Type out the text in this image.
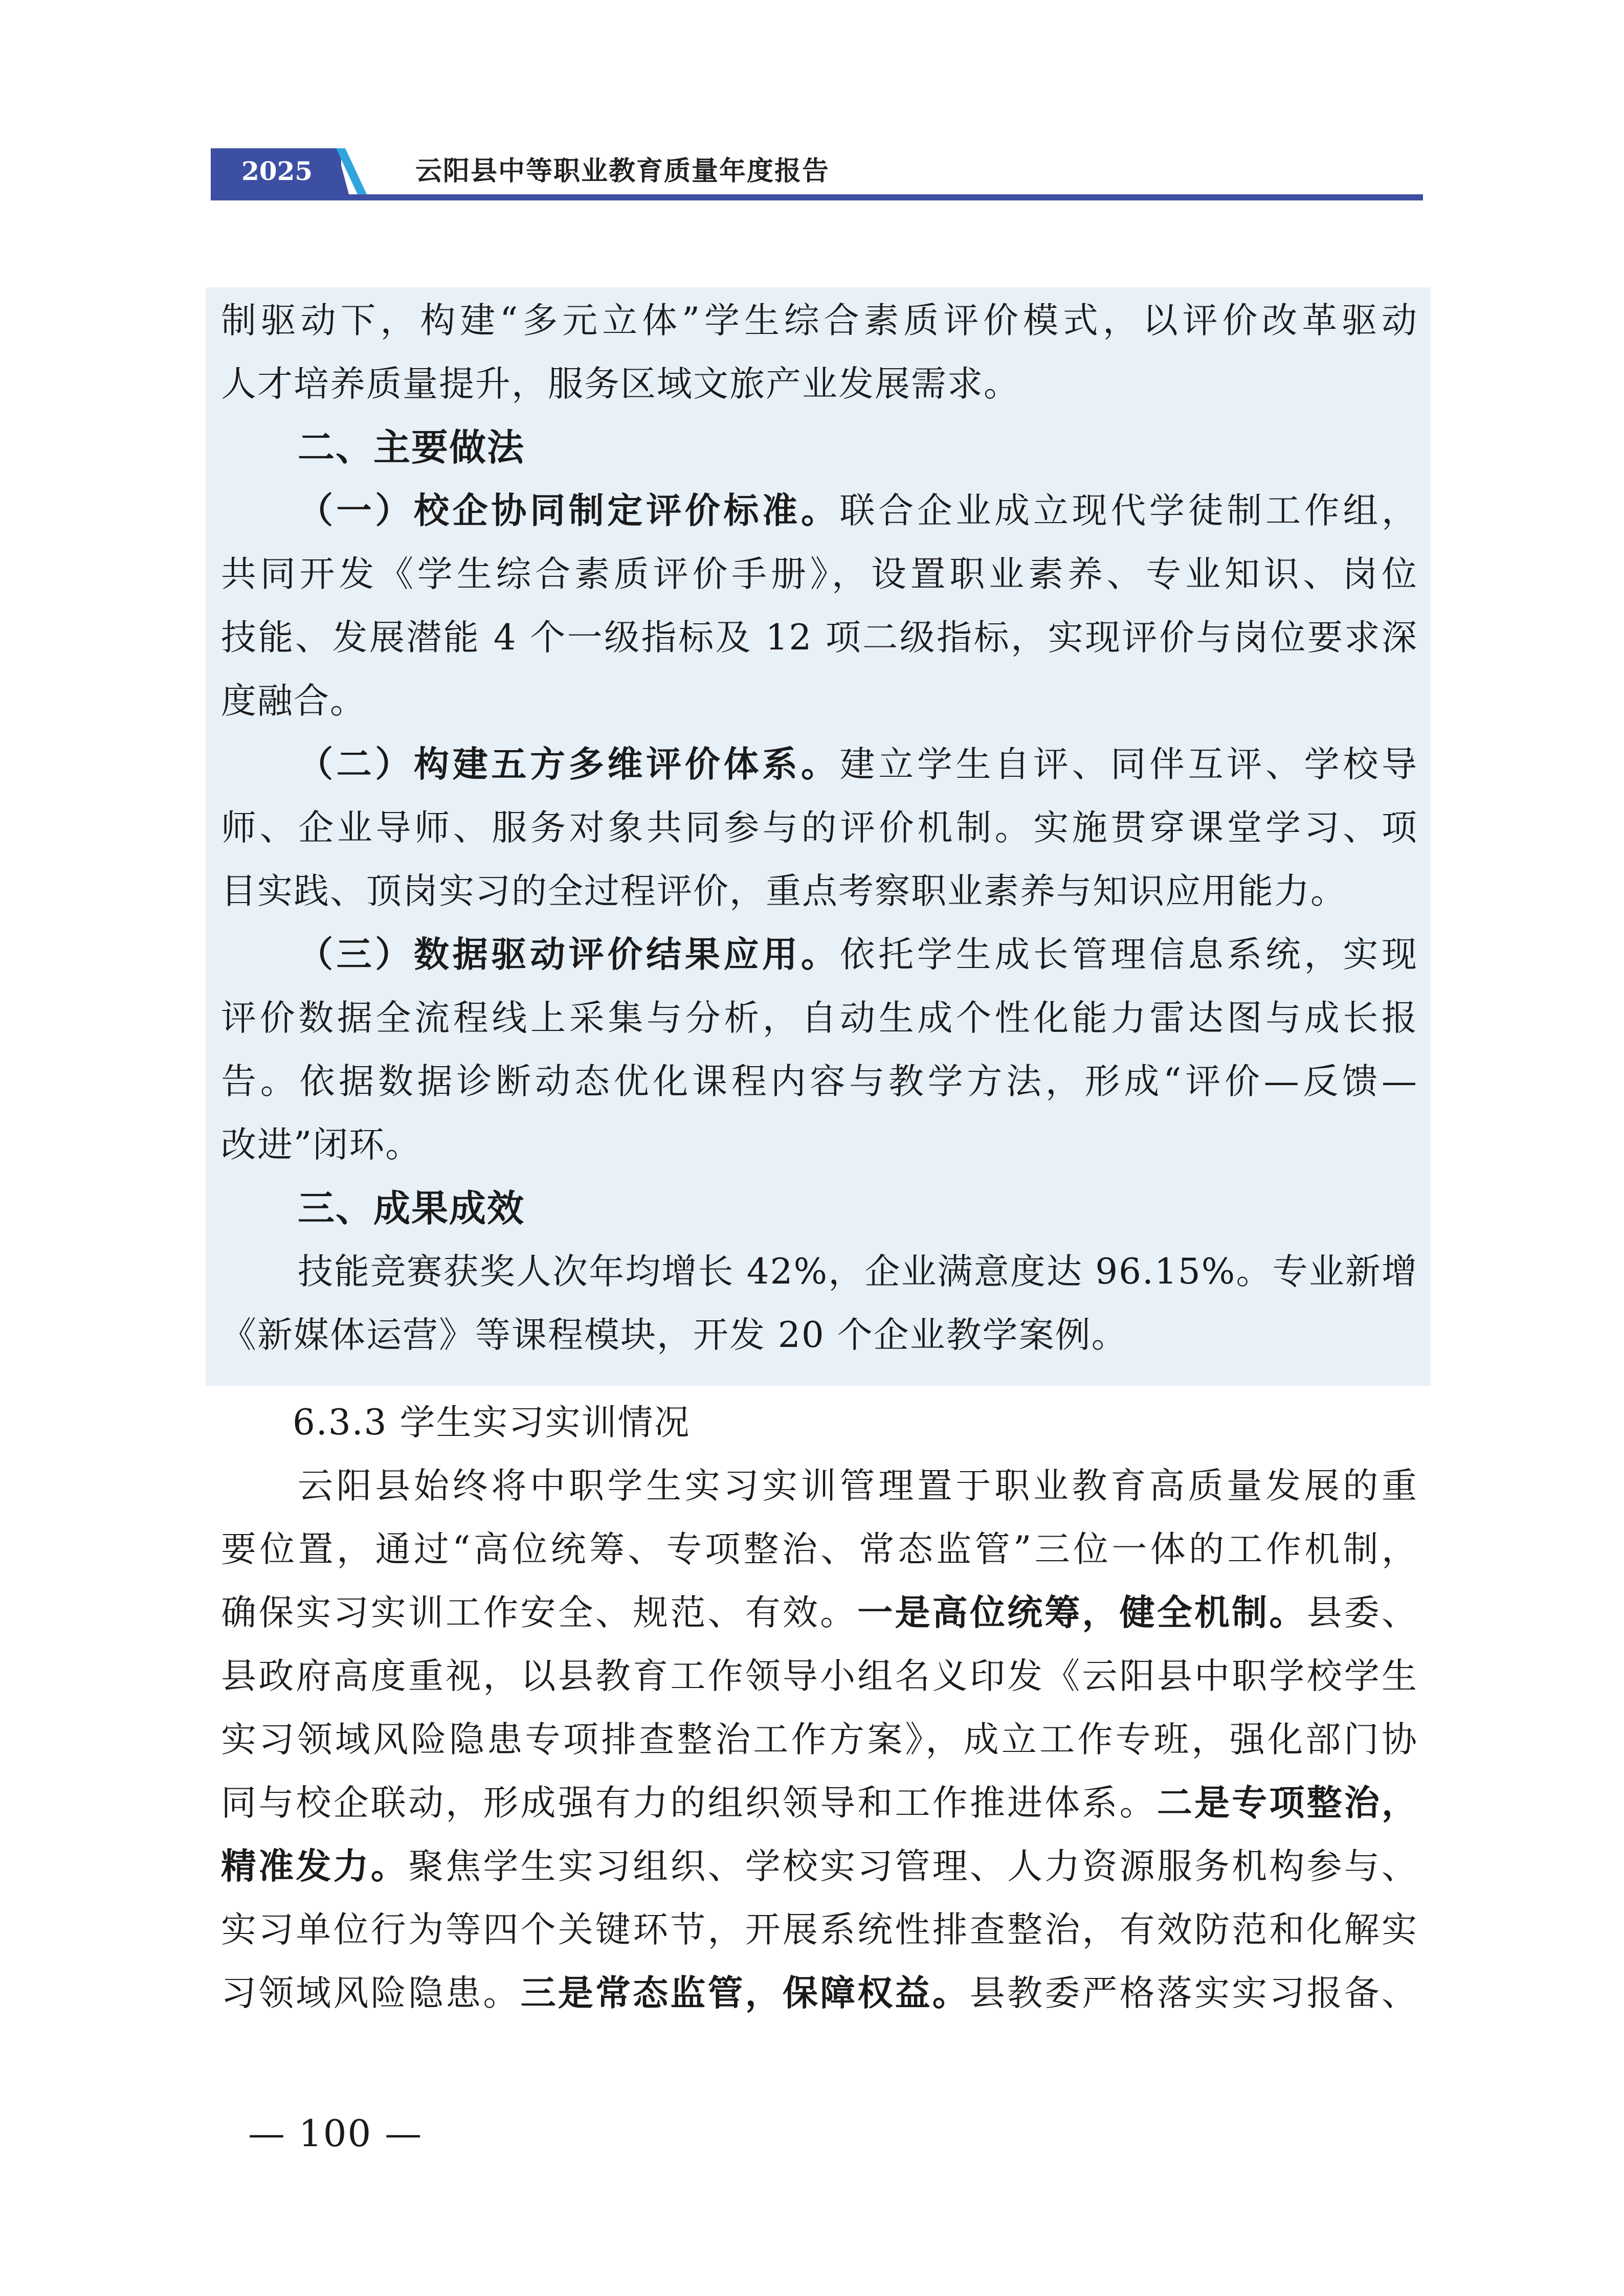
2025	云阳县中等职业教育质量年度报告
制驱动下，构建“多元立体”学生综合素质评价模式，以评价改革驱动
人才培养质量提升，服务区域文旅产业发展需求。
二、主要做法
（一）校企协同制定评价标准。联合企业成立现代学徒制工作组，
共同开发《学生综合素质评价手册》，设置职业素养、专业知识、岗位
技能、发展潜能 4 个一级指标及 12 项二级指标，实现评价与岗位要求深
度融合。
（二）构建五方多维评价体系。建立学生自评、同伴互评、学校导
师、企业导师、服务对象共同参与的评价机制。实施贯穿课堂学习、项
目实践、顶岗实习的全过程评价，重点考察职业素养与知识应用能力。
（三）数据驱动评价结果应用。依托学生成长管理信息系统，实现
评价数据全流程线上采集与分析，自动生成个性化能力雷达图与成长报
告。依据数据诊断动态优化课程内容与教学方法，形成“评价—反馈—
改进”闭环。
三、成果成效
技能竞赛获奖人次年均增长 42%，企业满意度达 96.15%。专业新增
《新媒体运营》等课程模块，开发 20 个企业教学案例。
6.3.3 学生实习实训情况
云阳县始终将中职学生实习实训管理置于职业教育高质量发展的重
要位置，通过“高位统筹、专项整治、常态监管”三位一体的工作机制，
确保实习实训工作安全、规范、有效。一是高位统筹，健全机制。县委、
县政府高度重视，以县教育工作领导小组名义印发《云阳县中职学校学生
实习领域风险隐患专项排查整治工作方案》，成立工作专班，强化部门协
同与校企联动，形成强有力的组织领导和工作推进体系。二是专项整治，
精准发力。聚焦学生实习组织、学校实习管理、人力资源服务机构参与、
实习单位行为等四个关键环节，开展系统性排查整治，有效防范和化解实
习领域风险隐患。三是常态监管，保障权益。县教委严格落实实习报备、
— 100 —
